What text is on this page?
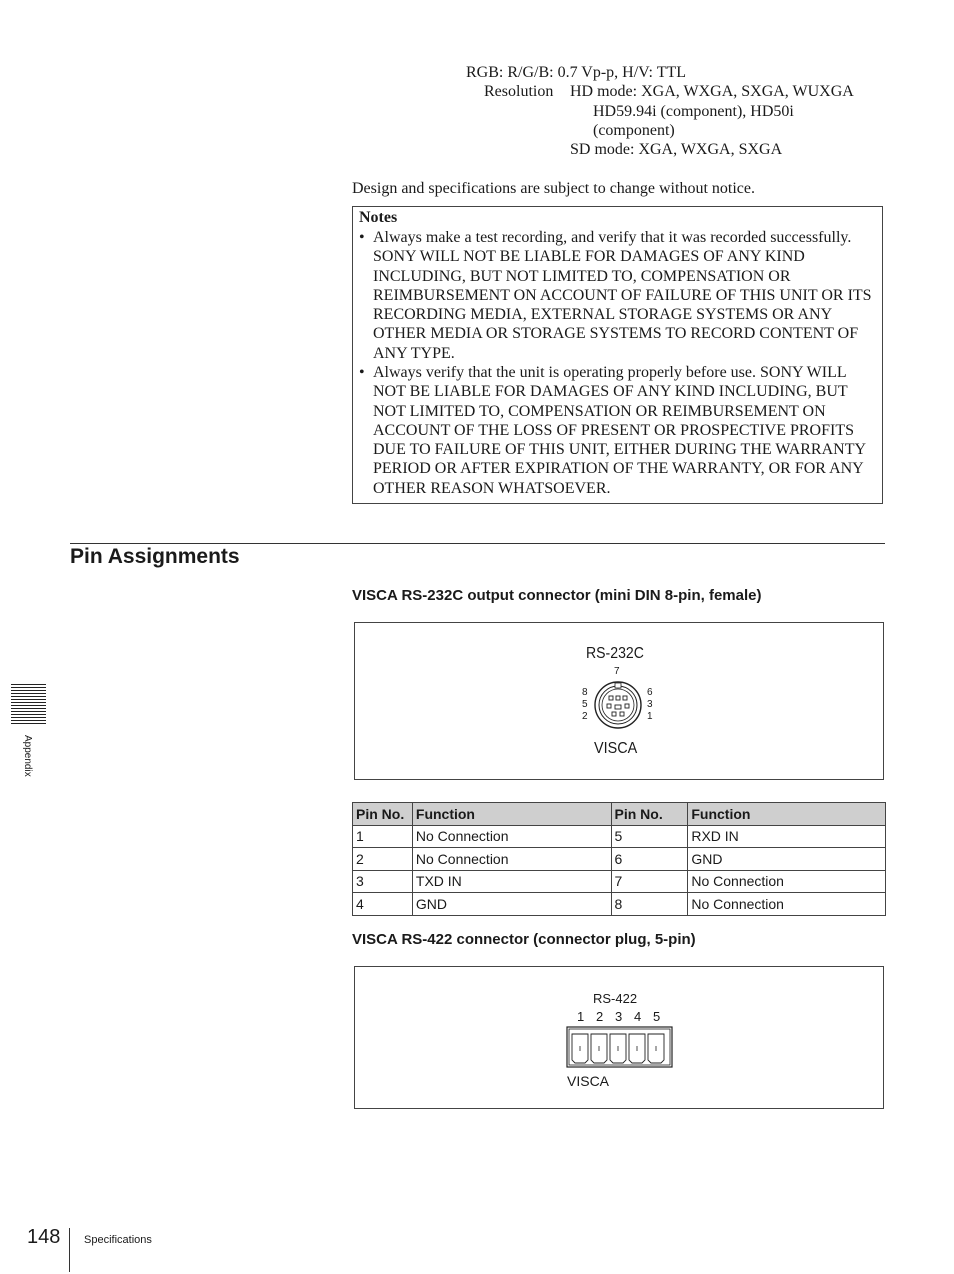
RGB: R/G/B: 0.7 Vp-p, H/V: TTL
Resolution HD mode: XGA, WXGA, SXGA, WUXGA
HD59.94i (component), HD50i
(component)
SD mode: XGA, WXGA, SXGA
Design and specifications are subject to change without notice.
Notes
• Always make a test recording, and verify that it was recorded successfully. SONY WILL NOT BE LIABLE FOR DAMAGES OF ANY KIND INCLUDING, BUT NOT LIMITED TO, COMPENSATION OR REIMBURSEMENT ON ACCOUNT OF FAILURE OF THIS UNIT OR ITS RECORDING MEDIA, EXTERNAL STORAGE SYSTEMS OR ANY OTHER MEDIA OR STORAGE SYSTEMS TO RECORD CONTENT OF ANY TYPE.
• Always verify that the unit is operating properly before use. SONY WILL NOT BE LIABLE FOR DAMAGES OF ANY KIND INCLUDING, BUT NOT LIMITED TO, COMPENSATION OR REIMBURSEMENT ON ACCOUNT OF THE LOSS OF PRESENT OR PROSPECTIVE PROFITS DUE TO FAILURE OF THIS UNIT, EITHER DURING THE WARRANTY PERIOD OR AFTER EXPIRATION OF THE WARRANTY, OR FOR ANY OTHER REASON WHATSOEVER.
Pin Assignments
VISCA RS-232C output connector (mini DIN 8-pin, female)
RS-232C
7
8
5
2
6
3
1
VISCA
Pin No.	Function	Pin No.	Function
1	No Connection	5	RXD IN
2	No Connection	6	GND
3	TXD IN	7	No Connection
4	GND	8	No Connection
VISCA RS-422 connector (connector plug, 5-pin)
RS-422
1 2 3 4 5
VISCA
Appendix
148 Specifications
